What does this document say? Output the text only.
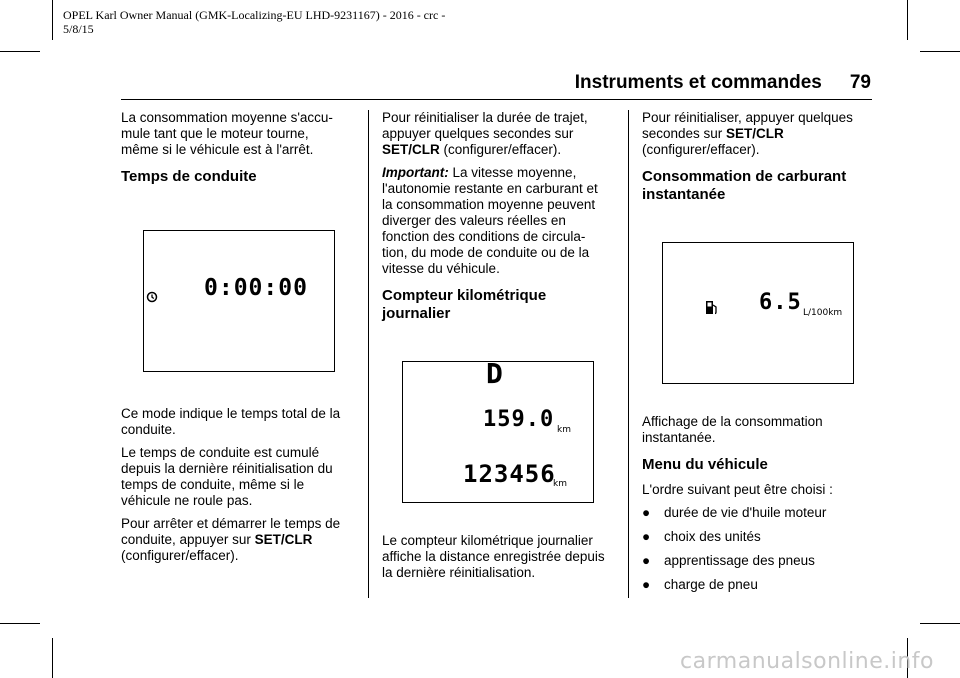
OPEL Karl Owner Manual (GMK-Localizing-EU LHD-9231167) - 2016 - crc -
5/8/15
Instruments et commandes 79

La consommation moyenne s'accu-mule tant que le moteur tourne, même si le véhicule est à l'arrêt.

Temps de conduite
0:00:00

Ce mode indique le temps total de la conduite.

Le temps de conduite est cumulé depuis la dernière réinitialisation du temps de conduite, même si le véhicule ne roule pas.

Pour arrêter et démarrer le temps de conduite, appuyer sur SET/CLR (configurer/effacer).

Pour réinitialiser la durée de trajet, appuyer quelques secondes sur SET/CLR (configurer/effacer).

Important: La vitesse moyenne, l'autonomie restante en carburant et la consommation moyenne peuvent diverger des valeurs réelles en fonction des conditions de circula-tion, du mode de conduite ou de la vitesse du véhicule.

Compteur kilométrique journalier
D
159.0 km
123456
km

Le compteur kilométrique journalier affiche la distance enregistrée depuis la dernière réinitialisation.

Pour réinitialiser, appuyer quelques secondes sur SET/CLR (configurer/effacer).

Consommation de carburant instantanée
6.5 L/100km

Affichage de la consommation instantanée.

Menu du véhicule

L'ordre suivant peut être choisi :

●	durée de vie d'huile moteur
●	choix des unités
●	apprentissage des pneus
●	charge de pneu
carmanualsonline.info
